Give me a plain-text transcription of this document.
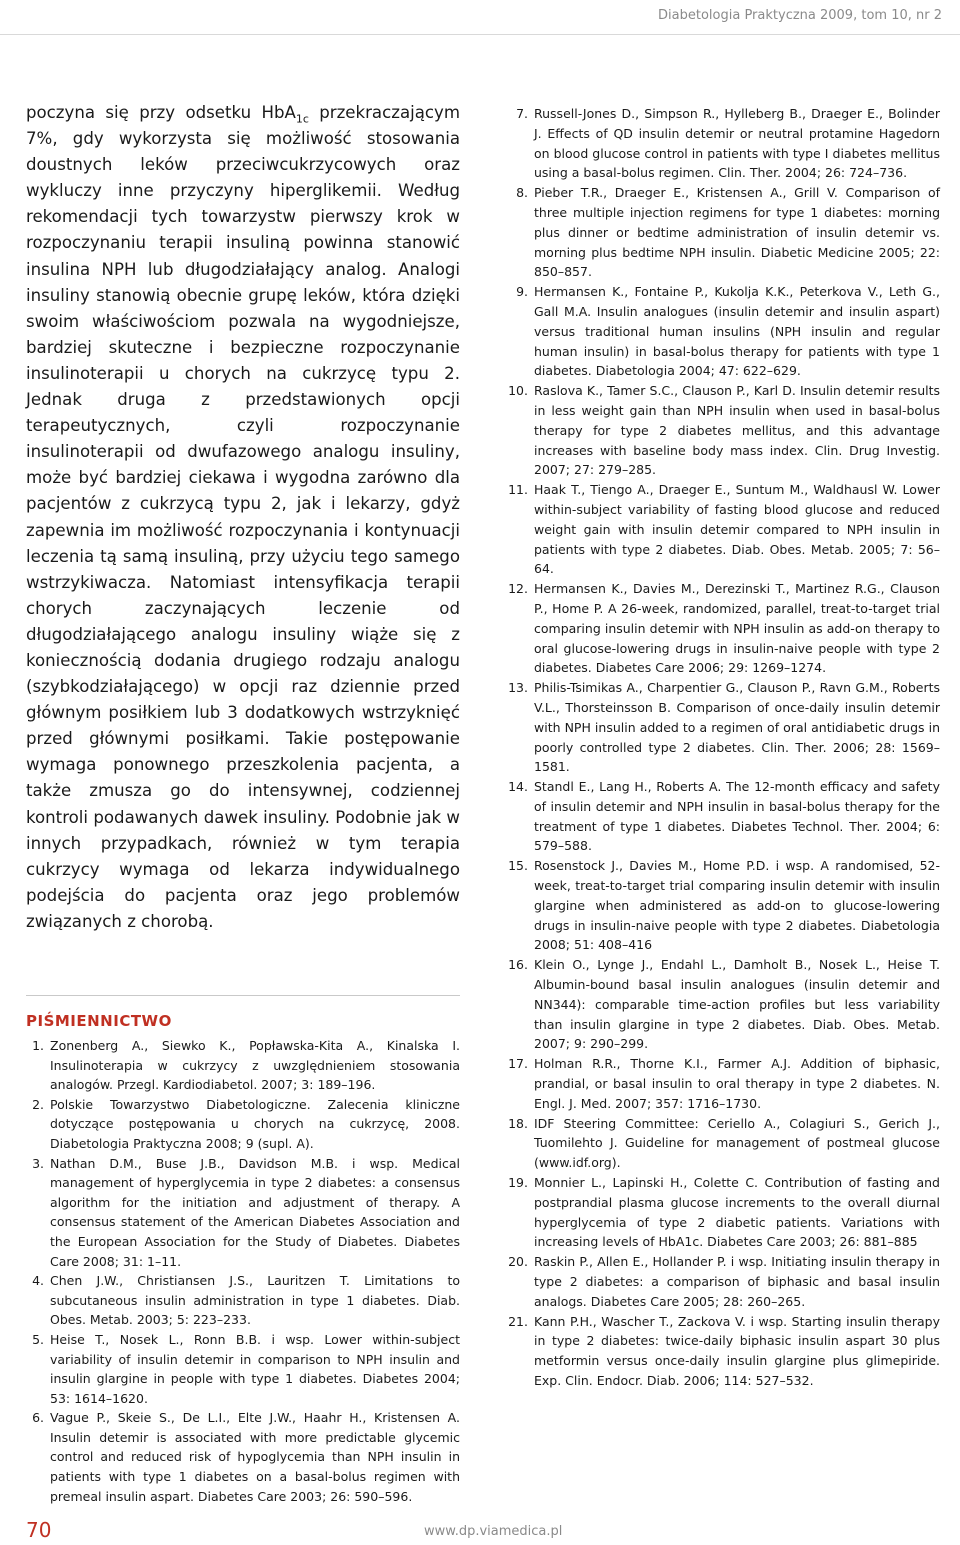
Diabetologia Praktyczna 2009, tom 10, nr 2

poczyna się przy odsetku HbA$_{1c}$ przekraczającym 7%, gdy wykorzysta się możliwość stosowania doustnych leków przeciwcukrzycowych oraz wykluczy inne przyczyny hiperglikemii. Według rekomendacji tych towarzystw pierwszy krok w rozpoczynaniu terapii insuliną powinna stanowić insulina NPH lub długodziałający analog. Analogi insuliny stanowią obecnie grupę leków, która dzięki swoim właściwościom pozwala na wygodniejsze, bardziej skuteczne i bezpieczne rozpoczynanie insulinoterapii u chorych na cukrzycę typu 2. Jednak druga z przedstawionych opcji terapeutycznych, czyli rozpoczynanie insulinoterapii od dwufazowego analogu insuliny, może być bardziej ciekawa i wygodna zarówno dla pacjentów z cukrzycą typu 2, jak i lekarzy, gdyż zapewnia im możliwość rozpoczynania i kontynuacji leczenia tą samą insuliną, przy użyciu tego samego wstrzykiwacza. Natomiast intensyfikacja terapii chorych zaczynających leczenie od długodziałającego analogu insuliny wiąże się z koniecznością dodania drugiego rodzaju analogu (szybkodziałającego) w opcji raz dziennie przed głównym posiłkiem lub 3 dodatkowych wstrzyknięć przed głównymi posiłkami. Takie postępowanie wymaga ponownego przeszkolenia pacjenta, a także zmusza go do intensywnej, codziennej kontroli podawanych dawek insuliny. Podobnie jak w innych przypadkach, również w tym terapia cukrzycy wymaga od lekarza indywidualnego podejścia do pacjenta oraz jego problemów związanych z chorobą.

PIŚMIENNICTWO
1. Zonenberg A., Siewko K., Popławska-Kita A., Kinalska I. Insulinoterapia w cukrzycy z uwzględnieniem stosowania analogów. Przegl. Kardiodiabetol. 2007; 3: 189–196.
2. Polskie Towarzystwo Diabetologiczne. Zalecenia kliniczne dotyczące postępowania u chorych na cukrzycę, 2008. Diabetologia Praktyczna 2008; 9 (supl. A).
3. Nathan D.M., Buse J.B., Davidson M.B. i wsp. Medical management of hyperglycemia in type 2 diabetes: a consensus algorithm for the initiation and adjustment of therapy. A consensus statement of the American Diabetes Association and the European Association for the Study of Diabetes. Diabetes Care 2008; 31: 1–11.
4. Chen J.W., Christiansen J.S., Lauritzen T. Limitations to subcutaneous insulin administration in type 1 diabetes. Diab. Obes. Metab. 2003; 5: 223–233.
5. Heise T., Nosek L., Ronn B.B. i wsp. Lower within-subject variability of insulin detemir in comparison to NPH insulin and insulin glargine in people with type 1 diabetes. Diabetes 2004; 53: 1614–1620.
6. Vague P., Skeie S., De L.I., Elte J.W., Haahr H., Kristensen A. Insulin detemir is associated with more predictable glycemic control and reduced risk of hypoglycemia than NPH insulin in patients with type 1 diabetes on a basal-bolus regimen with premeal insulin aspart. Diabetes Care 2003; 26: 590–596.
7. Russell-Jones D., Simpson R., Hylleberg B., Draeger E., Bolinder J. Effects of QD insulin detemir or neutral protamine Hagedorn on blood glucose control in patients with type I diabetes mellitus using a basal-bolus regimen. Clin. Ther. 2004; 26: 724–736.
8. Pieber T.R., Draeger E., Kristensen A., Grill V. Comparison of three multiple injection regimens for type 1 diabetes: morning plus dinner or bedtime administration of insulin detemir vs. morning plus bedtime NPH insulin. Diabetic Medicine 2005; 22: 850–857.
9. Hermansen K., Fontaine P., Kukolja K.K., Peterkova V., Leth G., Gall M.A. Insulin analogues (insulin detemir and insulin aspart) versus traditional human insulins (NPH insulin and regular human insulin) in basal-bolus therapy for patients with type 1 diabetes. Diabetologia 2004; 47: 622–629.
10. Raslova K., Tamer S.C., Clauson P., Karl D. Insulin detemir results in less weight gain than NPH insulin when used in basal-bolus therapy for type 2 diabetes mellitus, and this advantage increases with baseline body mass index. Clin. Drug Investig. 2007; 27: 279–285.
11. Haak T., Tiengo A., Draeger E., Suntum M., Waldhausl W. Lower within-subject variability of fasting blood glucose and reduced weight gain with insulin detemir compared to NPH insulin in patients with type 2 diabetes. Diab. Obes. Metab. 2005; 7: 56–64.
12. Hermansen K., Davies M., Derezinski T., Martinez R.G., Clauson P., Home P. A 26-week, randomized, parallel, treat-to-target trial comparing insulin detemir with NPH insulin as add-on therapy to oral glucose-lowering drugs in insulin-naive people with type 2 diabetes. Diabetes Care 2006; 29: 1269–1274.
13. Philis-Tsimikas A., Charpentier G., Clauson P., Ravn G.M., Roberts V.L., Thorsteinsson B. Comparison of once-daily insulin detemir with NPH insulin added to a regimen of oral antidiabetic drugs in poorly controlled type 2 diabetes. Clin. Ther. 2006; 28: 1569–1581.
14. Standl E., Lang H., Roberts A. The 12-month efficacy and safety of insulin detemir and NPH insulin in basal-bolus therapy for the treatment of type 1 diabetes. Diabetes Technol. Ther. 2004; 6: 579–588.
15. Rosenstock J., Davies M., Home P.D. i wsp. A randomised, 52-week, treat-to-target trial comparing insulin detemir with insulin glargine when administered as add-on to glucose-lowering drugs in insulin-naive people with type 2 diabetes. Diabetologia 2008; 51: 408–416
16. Klein O., Lynge J., Endahl L., Damholt B., Nosek L., Heise T. Albumin-bound basal insulin analogues (insulin detemir and NN344): comparable time-action profiles but less variability than insulin glargine in type 2 diabetes. Diab. Obes. Metab. 2007; 9: 290–299.
17. Holman R.R., Thorne K.I., Farmer A.J. Addition of biphasic, prandial, or basal insulin to oral therapy in type 2 diabetes. N. Engl. J. Med. 2007; 357: 1716–1730.
18. IDF Steering Committee: Ceriello A., Colagiuri S., Gerich J., Tuomilehto J. Guideline for management of postmeal glucose (www.idf.org).
19. Monnier L., Lapinski H., Colette C. Contribution of fasting and postprandial plasma glucose increments to the overall diurnal hyperglycemia of type 2 diabetic patients. Variations with increasing levels of HbA1c. Diabetes Care 2003; 26: 881–885
20. Raskin P., Allen E., Hollander P. i wsp. Initiating insulin therapy in type 2 diabetes: a comparison of biphasic and basal insulin analogs. Diabetes Care 2005; 28: 260–265.
21. Kann P.H., Wascher T., Zackova V. i wsp. Starting insulin therapy in type 2 diabetes: twice-daily biphasic insulin aspart 30 plus metformin versus once-daily insulin glargine plus glimepiride. Exp. Clin. Endocr. Diab. 2006; 114: 527–532.
70	www.dp.viamedica.pl
